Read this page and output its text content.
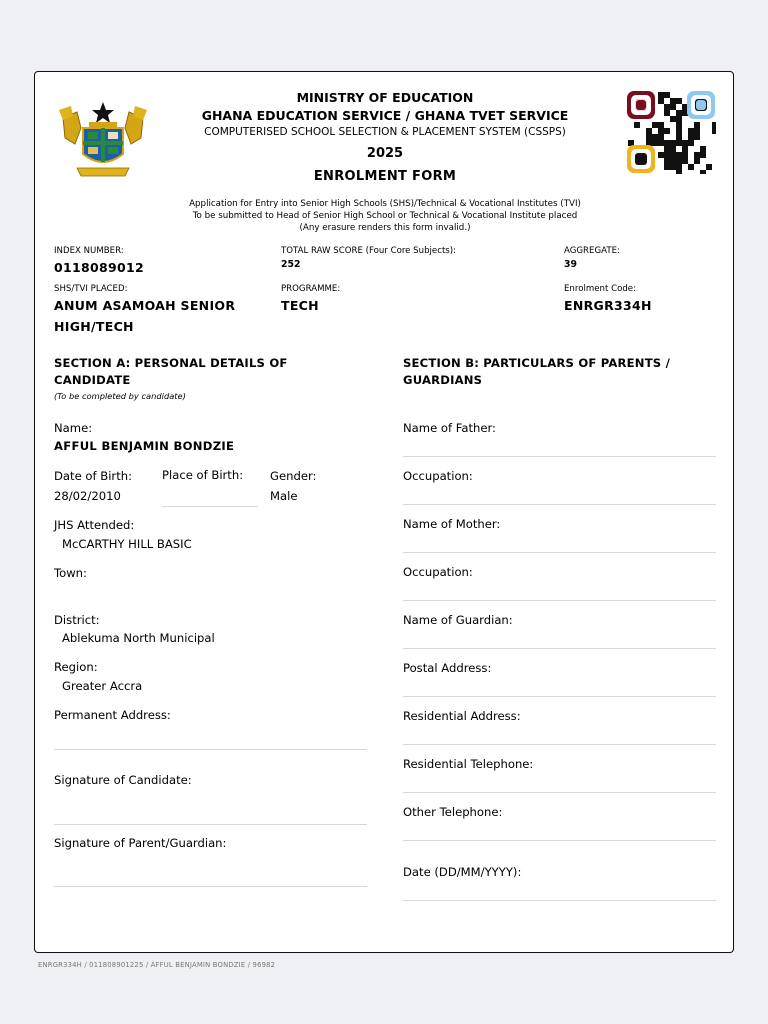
MINISTRY OF EDUCATION
GHANA EDUCATION SERVICE / GHANA TVET SERVICE
COMPUTERISED SCHOOL SELECTION & PLACEMENT SYSTEM (CSSPS)
2025
ENROLMENT FORM
Application for Entry into Senior High Schools (SHS)/Technical & Vocational Institutes (TVI)
To be submitted to Head of Senior High School or Technical & Vocational Institute placed
(Any erasure renders this form invalid.)
INDEX NUMBER:
0118089012
TOTAL RAW SCORE (Four Core Subjects):
252
AGGREGATE:
39
SHS/TVI PLACED:
ANUM ASAMOAH SENIOR
HIGH/TECH
PROGRAMME:
TECH
Enrolment Code:
ENRGR334H
SECTION A: PERSONAL DETAILS OF
CANDIDATE
(To be completed by candidate)
Name:
AFFUL BENJAMIN BONDZIE
Date of Birth:
28/02/2010
Place of Birth: Gender:
Male
JHS Attended:
McCARTHY HILL BASIC
Town:
District:
Ablekuma North Municipal
Region:
Greater Accra
Permanent Address:
Signature of Candidate:
Signature of Parent/Guardian:
SECTION B: PARTICULARS OF PARENTS /
GUARDIANS
Name of Father:
Occupation:
Name of Mother:
Occupation:
Name of Guardian:
Postal Address:
Residential Address:
Residential Telephone:
Other Telephone:
Date (DD/MM/YYYY):
ENRGR334H / 011808901225 / AFFUL BENJAMIN BONDZIE / 96982
